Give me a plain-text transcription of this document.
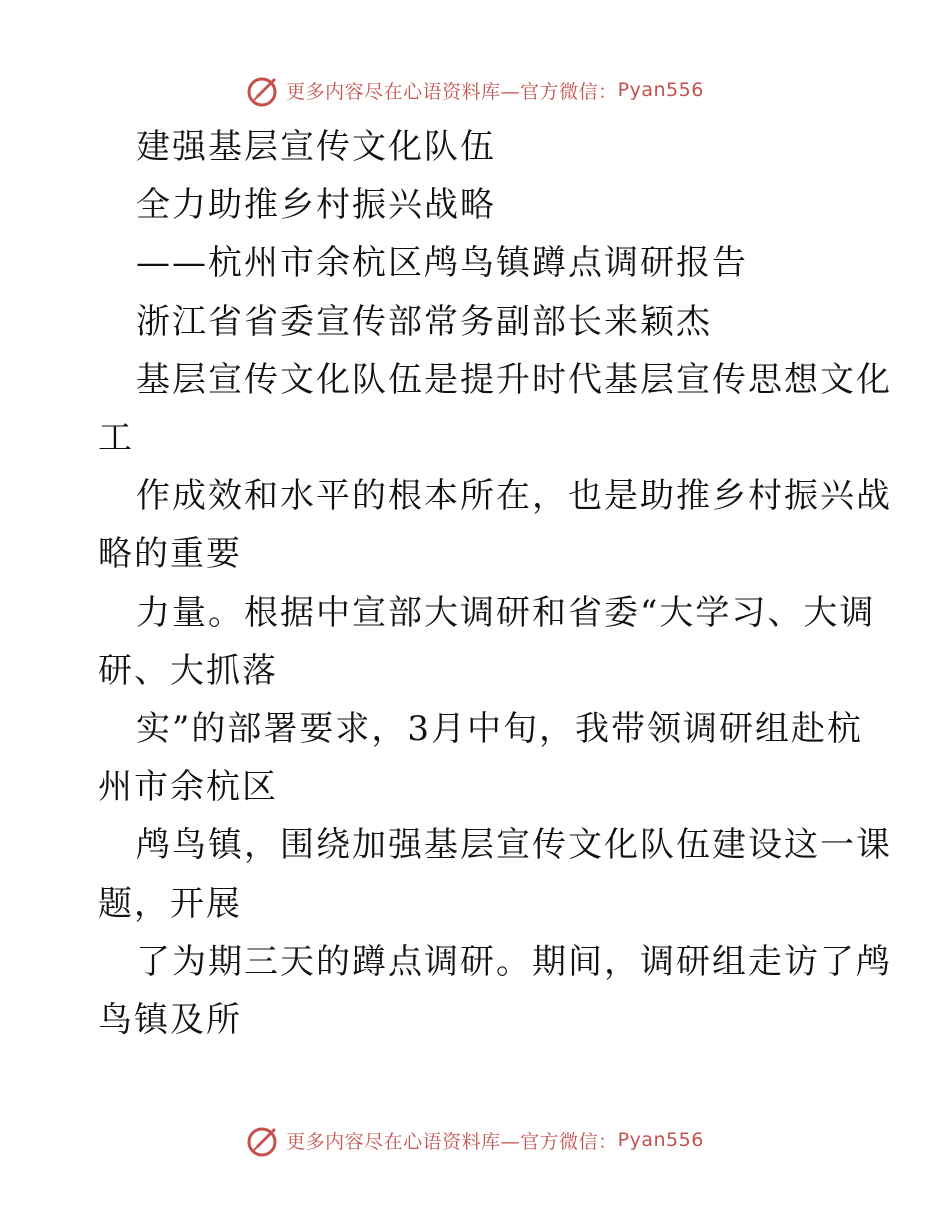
更多内容尽在心语资料库—官方微信： Pyan556
建强基层宣传文化队伍
全力助推乡村振兴战略
——杭州市余杭区鸬鸟镇蹲点调研报告
浙江省省委宣传部常务副部长来颖杰
基层宣传文化队伍是提升时代基层宣传思想文化
工
作成效和水平的根本所在，也是助推乡村振兴战
略的重要
力量。根据中宣部大调研和省委“大学习、大调
研、大抓落
实”的部署要求，3月中旬，我带领调研组赴杭
州市余杭区
鸬鸟镇，围绕加强基层宣传文化队伍建设这一课
题，开展
了为期三天的蹲点调研。期间，调研组走访了鸬
鸟镇及所
更多内容尽在心语资料库—官方微信： Pyan556
